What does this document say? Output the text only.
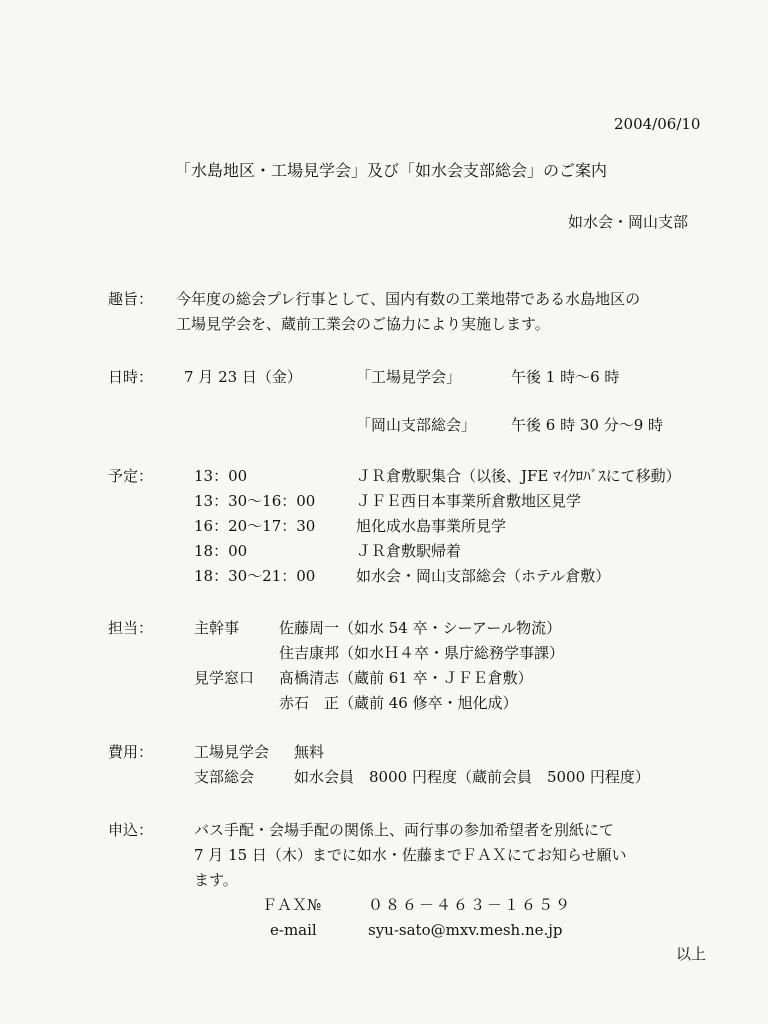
2004/06/10
「水島地区・工場見学会」及び「如水会支部総会」のご案内
如水会・岡山支部
趣旨： 今年度の総会プレ行事として、国内有数の工業地帯である水島地区の
工場見学会を、蔵前工業会のご協力により実施します。
日時： 7 月 23 日（金）	「工場見学会」	午後 1 時～6 時
「岡山支部総会」 午後 6 時 30 分～9 時
予定：	13：00	ＪＲ倉敷駅集合（以後、JFE ﾏｲｸﾛﾊﾞｽにて移動）
13：30～16：00	ＪＦＥ西日本事業所倉敷地区見学
16：20～17：30	旭化成水島事業所見学
18：00	ＪＲ倉敷駅帰着
18：30～21：00	如水会・岡山支部総会（ホテル倉敷）
担当：	主幹事	佐藤周一（如水 54 卒・シーアール物流）
住吉康邦（如水Ｈ４卒・県庁総務学事課）
見学窓口 髙橋清志（蔵前 61 卒・ＪＦＥ倉敷）
赤石　正（蔵前 46 修卒・旭化成）
費用：	工場見学会 無料
支部総会	如水会員　8000 円程度（蔵前会員　5000 円程度）
申込：	バス手配・会場手配の関係上、両行事の参加希望者を別紙にて
7 月 15 日（木）までに如水・佐藤までＦＡＸにてお知らせ願い
ます。
ＦＡＸ№	０８６－４６３－１６５９
e-mail	syu-sato@mxv.mesh.ne.jp
以上
